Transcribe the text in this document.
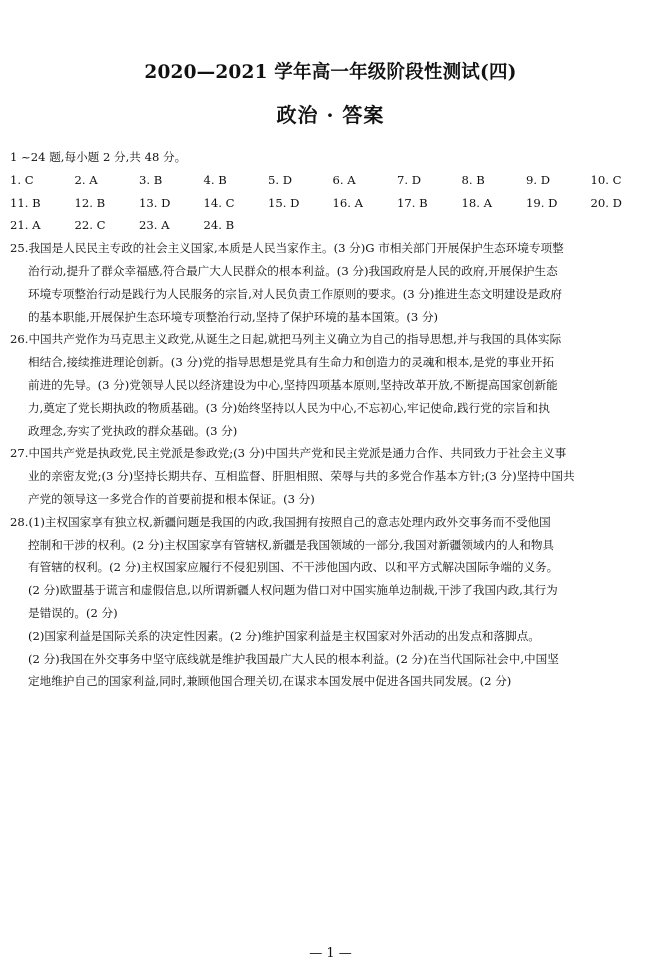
2020—2021 学年高一年级阶段性测试(四)
政治 · 答案
1 ~24 题,每小题 2 分,共 48 分。
1. C	2. A	3. B	4. B	5. D	6. A	7. D	8. B	9. D	10. C
11. B	12. B	13. D	14. C	15. D	16. A	17. B	18. A	19. D	20. D
21. A	22. C	23. A	24. B
25.我国是人民民主专政的社会主义国家,本质是人民当家作主。(3 分)G 市相关部门开展保护生态环境专项整
治行动,提升了群众幸福感,符合最广大人民群众的根本利益。(3 分)我国政府是人民的政府,开展保护生态
环境专项整治行动是践行为人民服务的宗旨,对人民负责工作原则的要求。(3 分)推进生态文明建设是政府
的基本职能,开展保护生态环境专项整治行动,坚持了保护环境的基本国策。(3 分)
26.中国共产党作为马克思主义政党,从诞生之日起,就把马列主义确立为自己的指导思想,并与我国的具体实际
相结合,接续推进理论创新。(3 分)党的指导思想是党具有生命力和创造力的灵魂和根本,是党的事业开拓
前进的先导。(3 分)党领导人民以经济建设为中心,坚持四项基本原则,坚持改革开放,不断提高国家创新能
力,奠定了党长期执政的物质基础。(3 分)始终坚持以人民为中心,不忘初心,牢记使命,践行党的宗旨和执
政理念,夯实了党执政的群众基础。(3 分)
27.中国共产党是执政党,民主党派是参政党;(3 分)中国共产党和民主党派是通力合作、共同致力于社会主义事
业的亲密友党;(3 分)坚持长期共存、互相监督、肝胆相照、荣辱与共的多党合作基本方针;(3 分)坚持中国共
产党的领导这一多党合作的首要前提和根本保证。(3 分)
28.(1)主权国家享有独立权,新疆问题是我国的内政,我国拥有按照自己的意志处理内政外交事务而不受他国
控制和干涉的权利。(2 分)主权国家享有管辖权,新疆是我国领域的一部分,我国对新疆领域内的人和物具
有管辖的权利。(2 分)主权国家应履行不侵犯别国、不干涉他国内政、以和平方式解决国际争端的义务。
(2 分)欧盟基于谎言和虚假信息,以所谓新疆人权问题为借口对中国实施单边制裁,干涉了我国内政,其行为
是错误的。(2 分)
(2)国家利益是国际关系的决定性因素。(2 分)维护国家利益是主权国家对外活动的出发点和落脚点。
(2 分)我国在外交事务中坚守底线就是维护我国最广大人民的根本利益。(2 分)在当代国际社会中,中国坚
定地维护自己的国家利益,同时,兼顾他国合理关切,在谋求本国发展中促进各国共同发展。(2 分)
— 1 —
